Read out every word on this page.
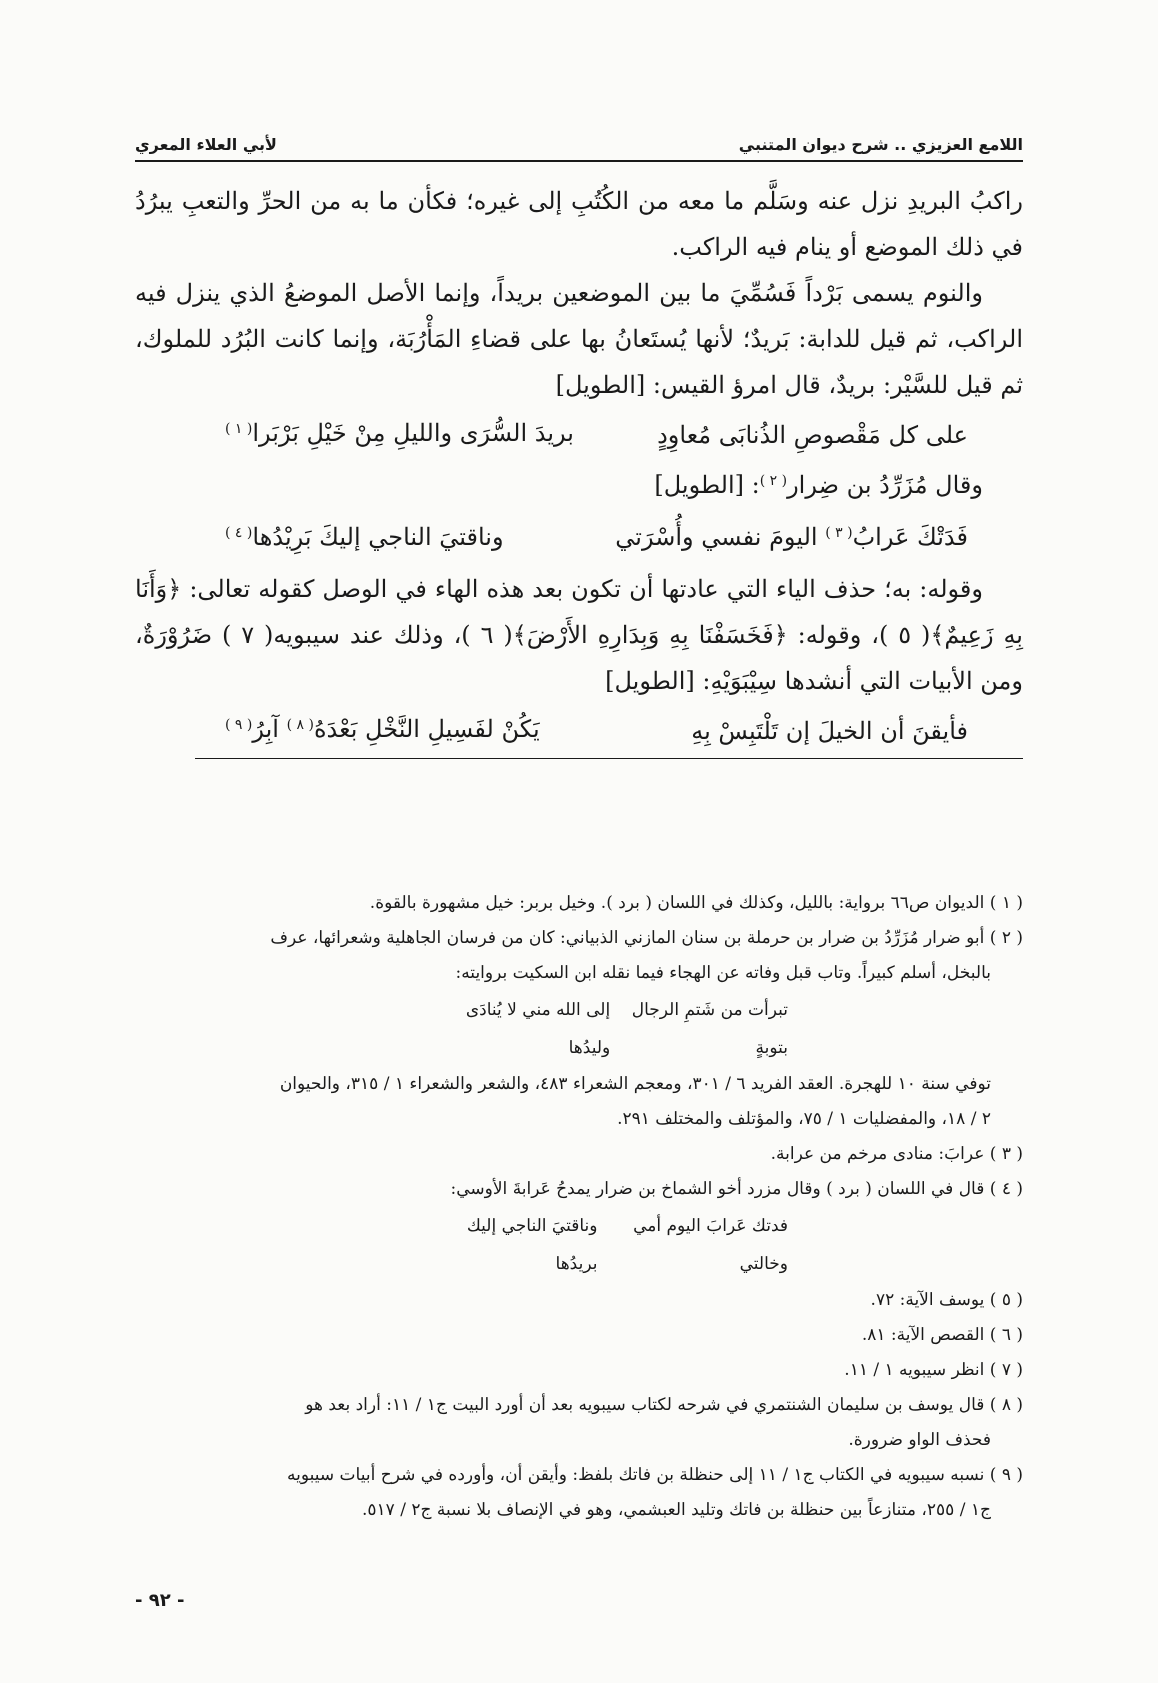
اللامع العزيزي .. شرح ديوان المتنبي
لأبي العلاء المعري

راكبُ البريدِ نزل عنه وسَلَّم ما معه من الكُتُبِ إلى غيره؛ فكأن ما به من الحرِّ والتعبِ يبرُدُ في ذلك الموضع أو ينام فيه الراكب.

والنوم يسمى بَرْداً فَسُمِّيَ ما بين الموضعين بريداً، وإنما الأصل الموضعُ الذي ينزل فيه الراكب، ثم قيل للدابة: بَريدٌ؛ لأنها يُستَعانُ بها على قضاءِ المَأْرُبَة، وإنما كانت البُرُد للملوك، ثم قيل للسَّيْر: بريدٌ، قال امرؤ القيس: [الطويل]

على كل مَقْصوصِ الذُنابَى مُعاوِدٍ
بريدَ السُّرَى والليلِ مِنْ خَيْلِ بَرْبَرا$^{( ١ )}$

وقال مُزَرِّدُ بن ضِرار$^{( ٢ )}$: [الطويل]

فَدَتْكَ عَرابُ$^{( ٣ )}$ اليومَ نفسي وأُسْرَتي
وناقتيَ الناجي إليكَ بَرِيْدُها$^{( ٤ )}$

وقوله: به؛ حذف الياء التي عادتها أن تكون بعد هذه الهاء في الوصل كقوله تعالى: ﴿وَأَنَا بِهِ زَعِيمٌ﴾( ٥ )، وقوله: ﴿فَخَسَفْنَا بِهِ وَبِدَارِهِ الأَرْضَ﴾( ٦ )، وذلك عند سيبويه( ٧ ) ضَرُوْرَةٌ، ومن الأبيات التي أنشدها سِيْبَوَيْهِ: [الطويل]

فأيقنَ أن الخيلَ إن تَلْتَبِسْ بِهِ
يَكُنْ لفَسِيلِ النَّخْلِ بَعْدَهُ$^{( ٨ )}$ آبِرُ$^{( ٩ )}$

( ١ ) الديوان ص٦٦ برواية: بالليل، وكذلك في اللسان ( برد ). وخيل بربر: خيل مشهورة بالقوة.

( ٢ ) أبو ضرار مُزَرِّدُ بن ضرار بن حرملة بن سنان المازني الذبياني: كان من فرسان الجاهلية وشعرائها، عرف
بالبخل، أسلم كبيراً. وتاب قبل وفاته عن الهجاء فيما نقله ابن السكيت بروايته:

تبرأت من شَتمِ الرجال بتوبةٍ
إلى الله مني لا يُنادَى وليدُها

توفي سنة ١٠ للهجرة. العقد الفريد ٦ / ٣٠١، ومعجم الشعراء ٤٨٣، والشعر والشعراء ١ / ٣١٥، والحيوان
٢ / ١٨، والمفضليات ١ / ٧٥، والمؤتلف والمختلف ٢٩١.

( ٣ ) عرابَ: منادى مرخم من عرابة.

( ٤ ) قال في اللسان ( برد ) وقال مزرد أخو الشماخ بن ضرار يمدحُ عَرابةَ الأوسي:

فدتك عَرابَ اليوم أمي وخالتي
وناقتيَ الناجي إليك بريدُها

( ٥ ) يوسف الآية: ٧٢.

( ٦ ) القصص الآية: ٨١.

( ٧ ) انظر سيبويه ١ / ١١.

( ٨ ) قال يوسف بن سليمان الشنتمري في شرحه لكتاب سيبويه بعد أن أورد البيت ج١ / ١١: أراد بعد هو
فحذف الواو ضرورة.

( ٩ ) نسبه سيبويه في الكتاب ج١ / ١١ إلى حنظلة بن فاتك بلفظ: وأيقن أن، وأورده في شرح أبيات سيبويه
ج١ / ٢٥٥، متنازعاً بين حنظلة بن فاتك وتليد العبشمي، وهو في الإنصاف بلا نسبة ج٢ / ٥١٧.

- ٩٢ -
